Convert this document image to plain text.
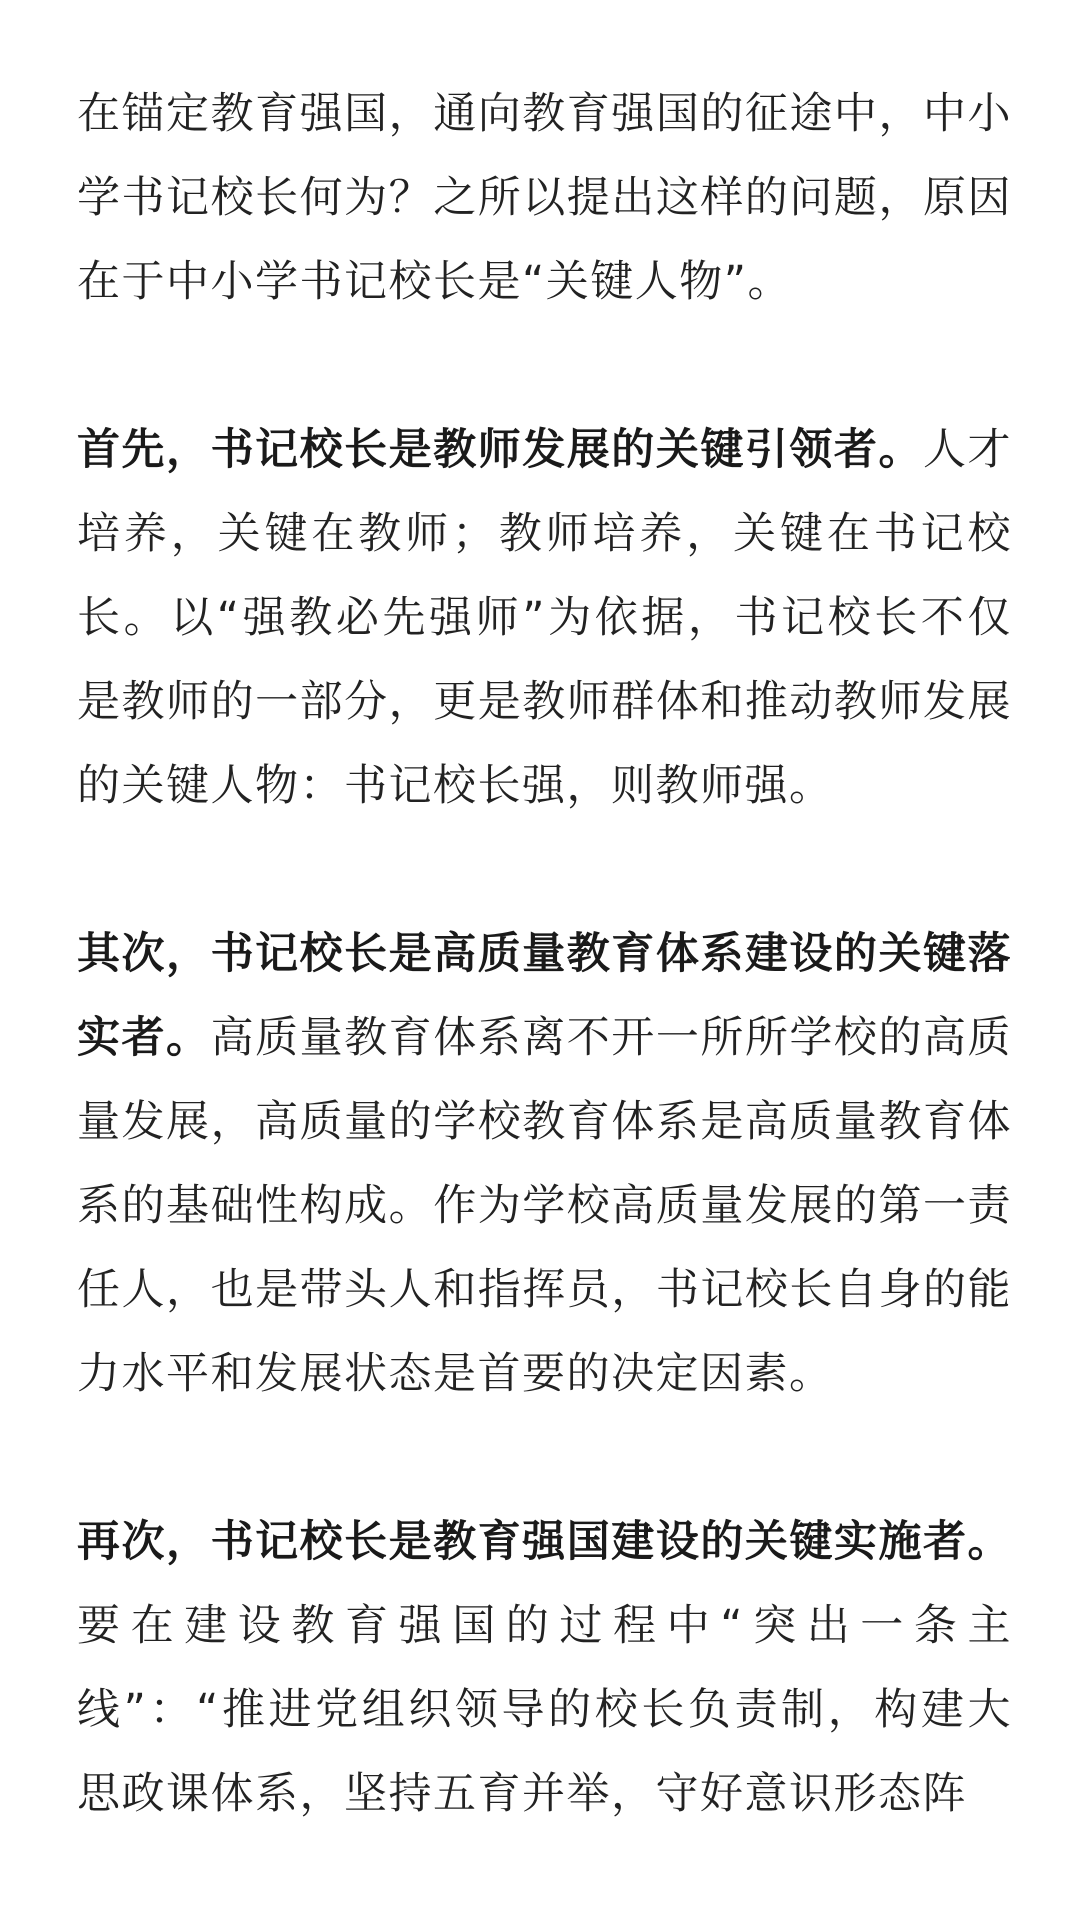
在锚定教育强国，通向教育强国的征途中，中小学书记校长何为？之所以提出这样的问题，原因在于中小学书记校长是“关键人物”。

首先，书记校长是教师发展的关键引领者。人才培养，关键在教师；教师培养，关键在书记校长。以“强教必先强师”为依据，书记校长不仅是教师的一部分，更是教师群体和推动教师发展的关键人物：书记校长强，则教师强。

其次，书记校长是高质量教育体系建设的关键落实者。高质量教育体系离不开一所所学校的高质量发展，高质量的学校教育体系是高质量教育体系的基础性构成。作为学校高质量发展的第一责任人，也是带头人和指挥员，书记校长自身的能力水平和发展状态是首要的决定因素。

再次，书记校长是教育强国建设的关键实施者。要在建设教育强国的过程中“突出一条主线”：“推进党组织领导的校长负责制，构建大思政课体系，坚持五育并举，守好意识形态阵
